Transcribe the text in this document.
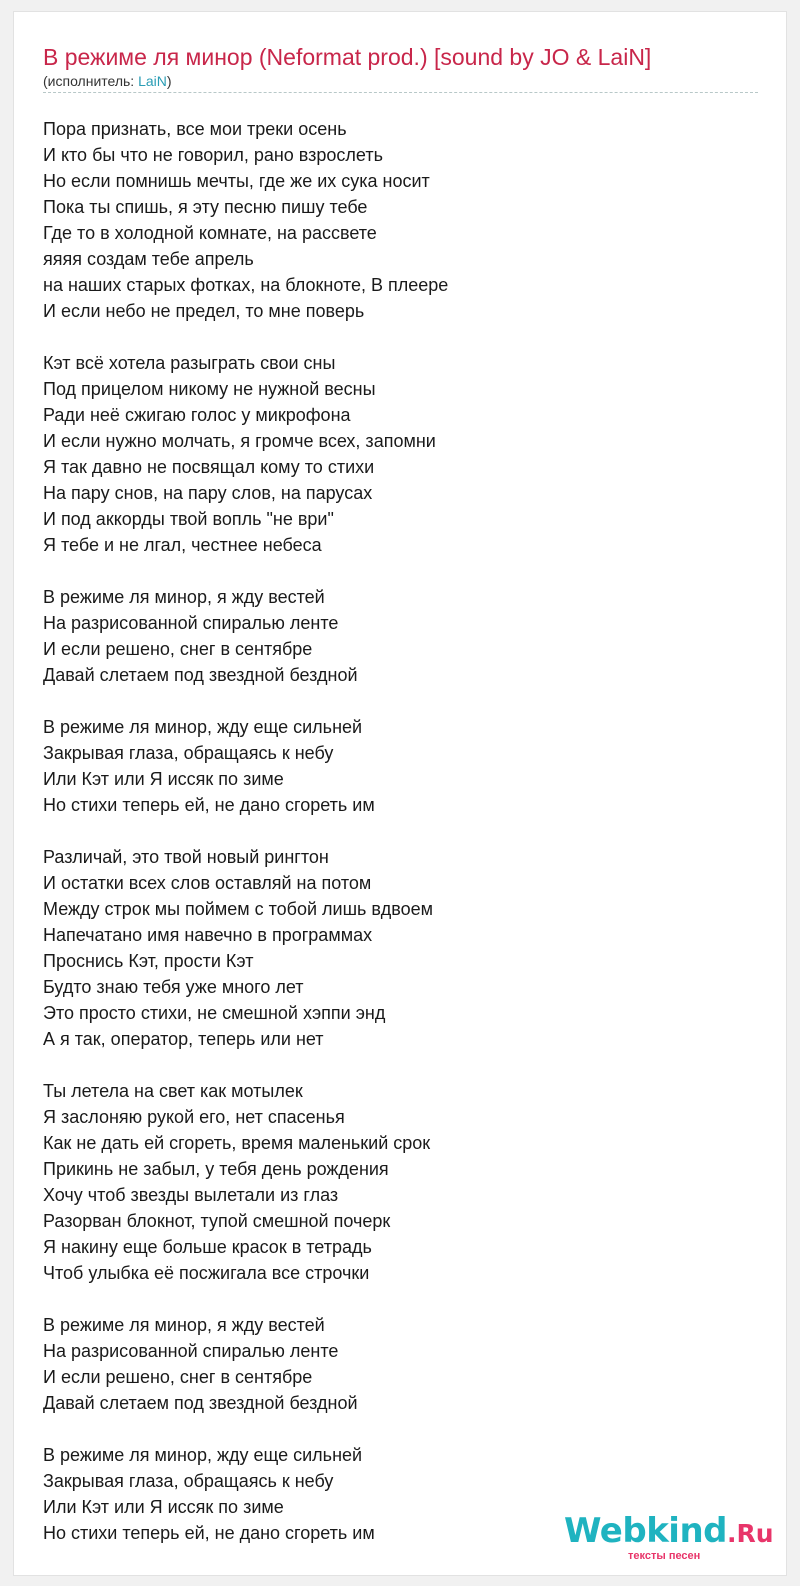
В режиме ля минор (Neformat prod.) [sound by JO & LaiN]
(исполнитель: LaiN)
Пора признать, все мои треки осень
И кто бы что не говорил, рано взрослеть
Но если помнишь мечты, где же их сука носит
Пока ты спишь, я эту песню пишу тебе
Где то в холодной комнате, на рассвете
яяяя создам тебе апрель
на наших старых фотках, на блокноте, В плеере
И если небо не предел, то мне поверь
Кэт всё хотела разыграть свои сны
Под прицелом никому не нужной весны
Ради неё сжигаю голос у микрофона
И если нужно молчать, я громче всех, запомни
Я так давно не посвящал кому то стихи
На пару снов, на пару слов, на парусах
И под аккорды твой вопль "не ври"
Я тебе и не лгал, честнее небеса
В режиме ля минор, я жду вестей
На разрисованной спиралью ленте
И если решено, снег в сентябре
Давай слетаем под звездной бездной
В режиме ля минор, жду еще сильней
Закрывая глаза, обращаясь к небу
Или Кэт или Я иссяк по зиме
Но стихи теперь ей, не дано сгореть им
Различай, это твой новый рингтон
И остатки всех слов оставляй на потом
Между строк мы поймем с тобой лишь вдвоем
Напечатано имя навечно в программах
Проснись Кэт, прости Кэт
Будто знаю тебя уже много лет
Это просто стихи, не смешной хэппи энд
А я так, оператор, теперь или нет
Ты летела на свет как мотылек
Я заслоняю рукой его, нет спасенья
Как не дать ей сгореть, время маленький срок
Прикинь не забыл, у тебя день рождения
Хочу чтоб звезды вылетали из глаз
Разорван блокнот, тупой смешной почерк
Я накину еще больше красок в тетрадь
Чтоб улыбка её посжигала все строчки
В режиме ля минор, я жду вестей
На разрисованной спиралью ленте
И если решено, снег в сентябре
Давай слетаем под звездной бездной
В режиме ля минор, жду еще сильней
Закрывая глаза, обращаясь к небу
Или Кэт или Я иссяк по зиме
Но стихи теперь ей, не дано сгореть им	Webkind.Ru
тексты песен
